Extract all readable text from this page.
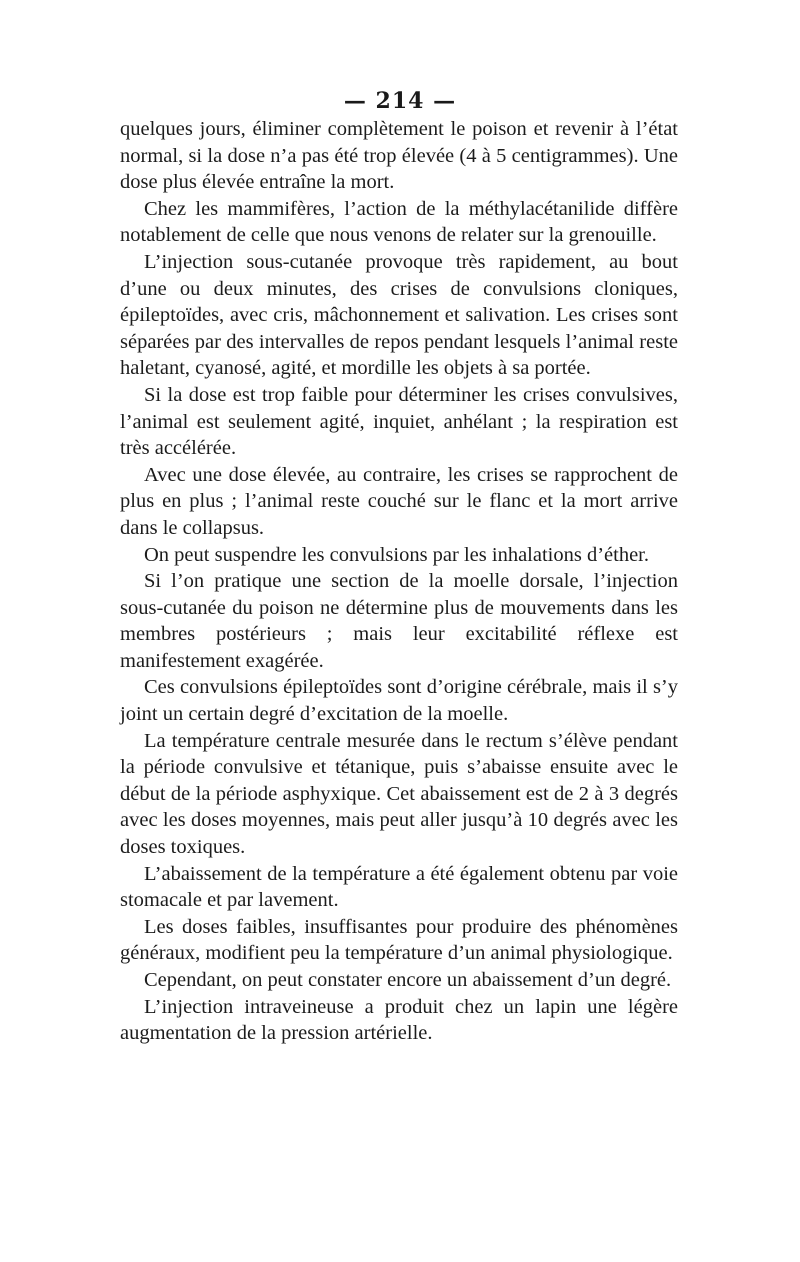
— 214 —

quelques jours, éliminer complètement le poison et revenir à l’état normal, si la dose n’a pas été trop élevée (4 à 5 centigrammes). Une dose plus élevée entraîne la mort.

Chez les mammifères, l’action de la méthylacétanilide diffère notablement de celle que nous venons de relater sur la grenouille.

L’injection sous-cutanée provoque très rapidement, au bout d’une ou deux minutes, des crises de convulsions cloniques, épileptoïdes, avec cris, mâchonnement et salivation. Les crises sont séparées par des intervalles de repos pendant lesquels l’animal reste haletant, cyanosé, agité, et mordille les objets à sa portée.

Si la dose est trop faible pour déterminer les crises convulsives, l’animal est seulement agité, inquiet, anhélant ; la respiration est très accélérée.

Avec une dose élevée, au contraire, les crises se rapprochent de plus en plus ; l’animal reste couché sur le flanc et la mort arrive dans le collapsus.

On peut suspendre les convulsions par les inhalations d’éther.

Si l’on pratique une section de la moelle dorsale, l’injection sous-cutanée du poison ne détermine plus de mouvements dans les membres postérieurs ; mais leur excitabilité réflexe est manifestement exagérée.

Ces convulsions épileptoïdes sont d’origine cérébrale, mais il s’y joint un certain degré d’excitation de la moelle.

La température centrale mesurée dans le rectum s’élève pendant la période convulsive et tétanique, puis s’abaisse ensuite avec le début de la période asphyxique. Cet abaissement est de 2 à 3 degrés avec les doses moyennes, mais peut aller jusqu’à 10 degrés avec les doses toxiques.

L’abaissement de la température a été également obtenu par voie stomacale et par lavement.

Les doses faibles, insuffisantes pour produire des phénomènes généraux, modifient peu la température d’un animal physiologique.

Cependant, on peut constater encore un abaissement d’un degré.

L’injection intraveineuse a produit chez un lapin une légère augmentation de la pression artérielle.
